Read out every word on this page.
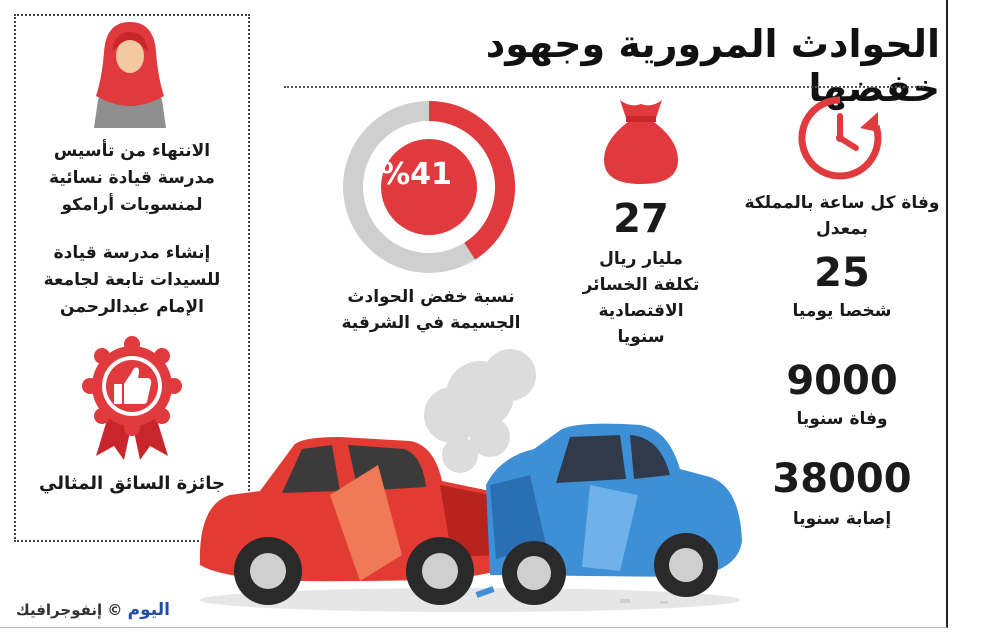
الحوادث المرورية وجهود خفضها
الانتهاء من تأسيس
مدرسة قيادة نسائية
لمنسوبات أرامكو
إنشاء مدرسة قيادة
للسيدات تابعة لجامعة
الإمام عبدالرحمن
جائزة السائق المثالي
وفاة كل ساعة بالمملكة
بمعدل
25
شخصا يوميا
9000
وفاة سنويا
38000
إصابة سنويا
27
مليار ريال
تكلفة الخسائر
الاقتصادية
سنويا
%41
نسبة خفض الحوادث
الجسيمة في الشرقية
اليوم © إنفوجرافيك
